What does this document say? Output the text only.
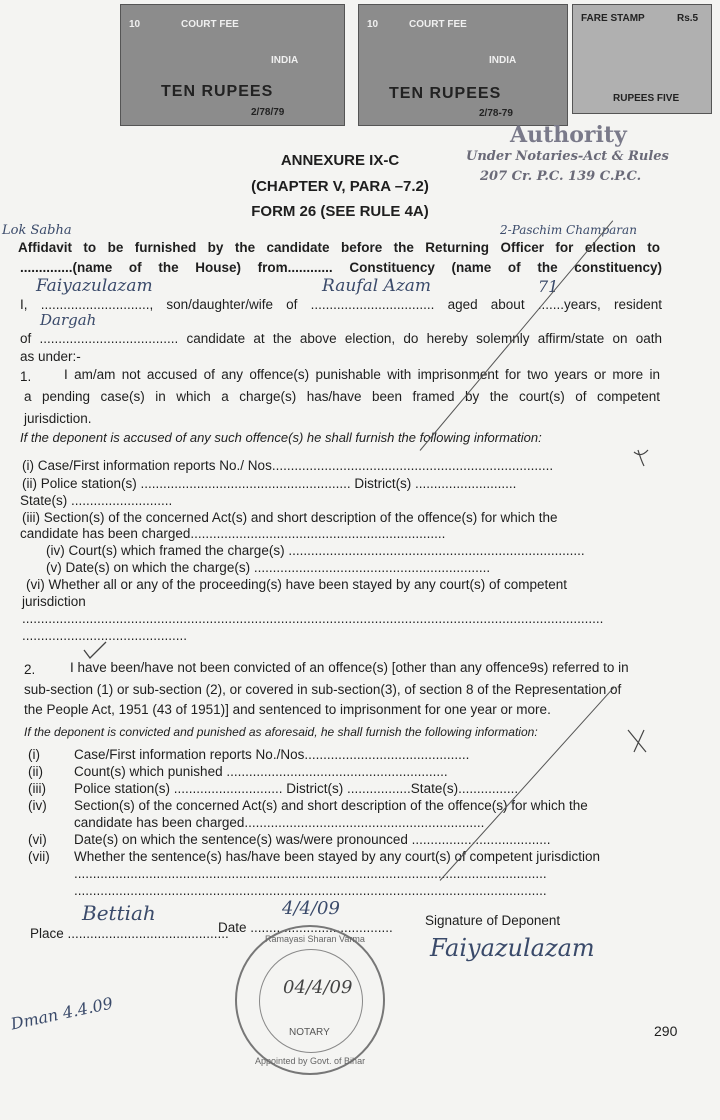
10	COURT FEE
INDIA
TEN RUPEES
2/78/79
10	COURT FEE
INDIA
TEN RUPEES
2/78-79
FARE STAMP	Rs.5
RUPEES FIVE
Authority
Under Notaries-Act & Rules
207 Cr. P.C. 139 C.P.C.
ANNEXURE IX-C
(CHAPTER V, PARA –7.2)
FORM 26 (SEE RULE 4A)
Affidavit to be furnished by the candidate before the Returning Officer for election to
..............(name of the House) from............ Constituency (name of the constituency)
I, ............................., son/daughter/wife of ................................. aged about .......years, resident
of ..................................... candidate at the above election, do hereby solemnly affirm/state on oath
as under:-
Lok Sabha	2-Paschim Champaran
Faiyazulazam	Raufal Azam	71
Dargah
1. I am/am not accused of any offence(s) punishable with imprisonment for two years or more in
a pending case(s) in which a charge(s) has/have been framed by the court(s) of competent
jurisdiction.
If the deponent is accused of any such offence(s) he shall furnish the following information:
(i) Case/First information reports No./ Nos...........................................................................
(ii) Police station(s) ........................................................ District(s) ...........................
State(s) ...........................
(iii) Section(s) of the concerned Act(s) and short description of the offence(s) for which the
candidate has been charged....................................................................
(iv) Court(s) which framed the charge(s) ...............................................................................
(v) Date(s) on which the charge(s) ...............................................................
(vi) Whether all or any of the proceeding(s) have been stayed by any court(s) of competent
jurisdiction
...........................................................................................................................................................
............................................
2.	I have been/have not been convicted of an offence(s) [other than any offence9s) referred to in
sub-section (1) or sub-section (2), or covered in sub-section(3), of section 8 of the Representation of
the People Act, 1951 (43 of 1951)] and sentenced to imprisonment for one year or more.
If the deponent is convicted and punished as aforesaid, he shall furnish the following information:
(i)	Case/First information reports No./Nos............................................
(ii) Count(s) which punished ...........................................................
(iii) Police station(s) ............................. District(s) .................State(s)................
(iv) Section(s) of the concerned Act(s) and short description of the offence(s) for which the
candidate has been charged................................................................
(vi) Date(s) on which the sentence(s) was/were pronounced .....................................
(vii) Whether the sentence(s) has/have been stayed by any court(s) of competent jurisdiction
..............................................................................................................................
..............................................................................................................................
Place ...........................................
Date ...................................... Signature of Deponent
290
Bettiah	4/4/09
Faiyazulazam
Dman 4.4.09
Ramayasi Sharan Varma
NOTARY
Appointed by Govt. of Bihar
04/4/09
